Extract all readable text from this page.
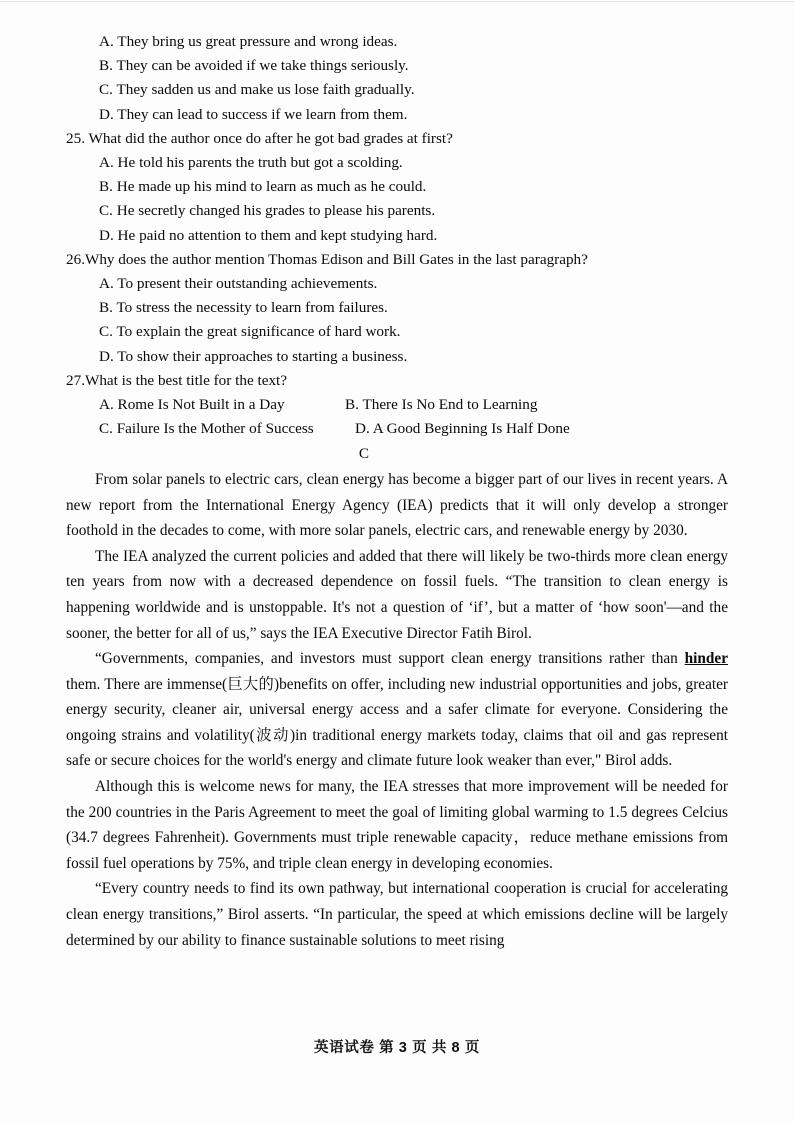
A. They bring us great pressure and wrong ideas.

B. They can be avoided if we take things seriously.

C. They sadden us and make us lose faith gradually.

D. They can lead to success if we learn from them.

25. What did the author once do after he got bad grades at first?

A. He told his parents the truth but got a scolding.

B. He made up his mind to learn as much as he could.

C. He secretly changed his grades to please his parents.

D. He paid no attention to them and kept studying hard.

26.Why does the author mention Thomas Edison and Bill Gates in the last paragraph?

A. To present their outstanding achievements.

B. To stress the necessity to learn from failures.

C. To explain the great significance of hard work.

D. To show their approaches to starting a business.

27.What is the best title for the text?

A. Rome Is Not Built in a Day	B. There Is No End to Learning
C. Failure Is the Mother of Success	D. A Good Beginning Is Half Done

C

From solar panels to electric cars, clean energy has become a bigger part of our lives in recent years. A new report from the International Energy Agency (IEA) predicts that it will only develop a stronger foothold in the decades to come, with more solar panels, electric cars, and renewable energy by 2030.

The IEA analyzed the current policies and added that there will likely be two-thirds more clean energy ten years from now with a decreased dependence on fossil fuels. “The transition to clean energy is happening worldwide and is unstoppable. It's not a question of ‘if’, but a matter of ‘how soon'—and the sooner, the better for all of us,” says the IEA Executive Director Fatih Birol.

“Governments, companies, and investors must support clean energy transitions rather than hinder them. There are immense(巨大的)benefits on offer, including new industrial opportunities and jobs, greater energy security, cleaner air, universal energy access and a safer climate for everyone. Considering the ongoing strains and volatility(波动)in traditional energy markets today, claims that oil and gas represent safe or secure choices for the world's energy and climate future look weaker than ever," Birol adds.

Although this is welcome news for many, the IEA stresses that more improvement will be needed for the 200 countries in the Paris Agreement to meet the goal of limiting global warming to 1.5 degrees Celcius (34.7 degrees Fahrenheit). Governments must triple renewable capacity，reduce methane emissions from fossil fuel operations by 75%, and triple clean energy in developing economies.

“Every country needs to find its own pathway, but international cooperation is crucial for accelerating clean energy transitions,” Birol asserts. “In particular, the speed at which emissions decline will be largely determined by our ability to finance sustainable solutions to meet rising

英语试卷 第 3 页 共 8 页
